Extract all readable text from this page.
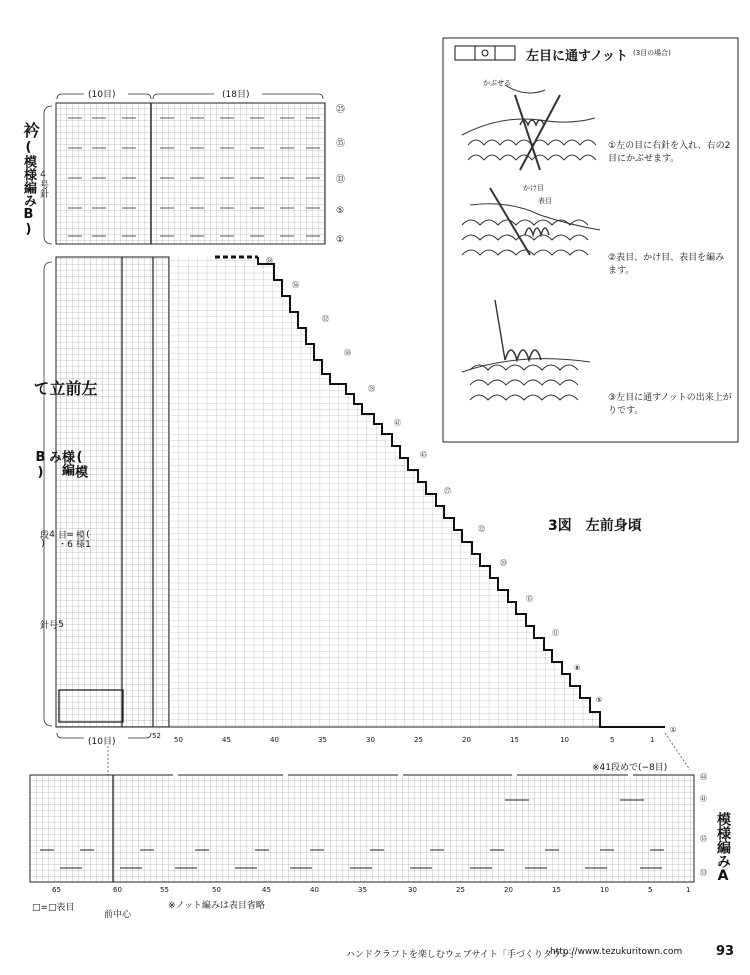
衿
(模様編みB) 4号針
(10目)	(18目)
㉕
⑮
⑬
⑤
①
左前立て
(模様編みB)
(1模様=6目・4段)
5号針
(10目)
52 50	45	40	35	30	25	20	15	10	5	1
㊳
㊱
㉜
㉚
㉘
㊶
㊺
㉗
㉒
⑳
⑮
⑪
⑧
⑤
①
3図　左前身頃
左目に通すノット (3目の場合)
かぶせる
①左の目に右針を入れ、右の2目にかぶせます。
かけ目
表目
②表目、かけ目、表目を編みます。
③左目に通すノットの出来上がりです。
※41段めで(−8目)
㊹
㊶
㉟
㉝ 模様編みA
65	60	55	50	45	40	35	30	25	20	15	10	5	1
□=□表目
前中心
※ノット編みは表目省略
ハンドクラフトを楽しむウェブサイト「手づくりタウン」
http://www.tezukuritown.com	93
